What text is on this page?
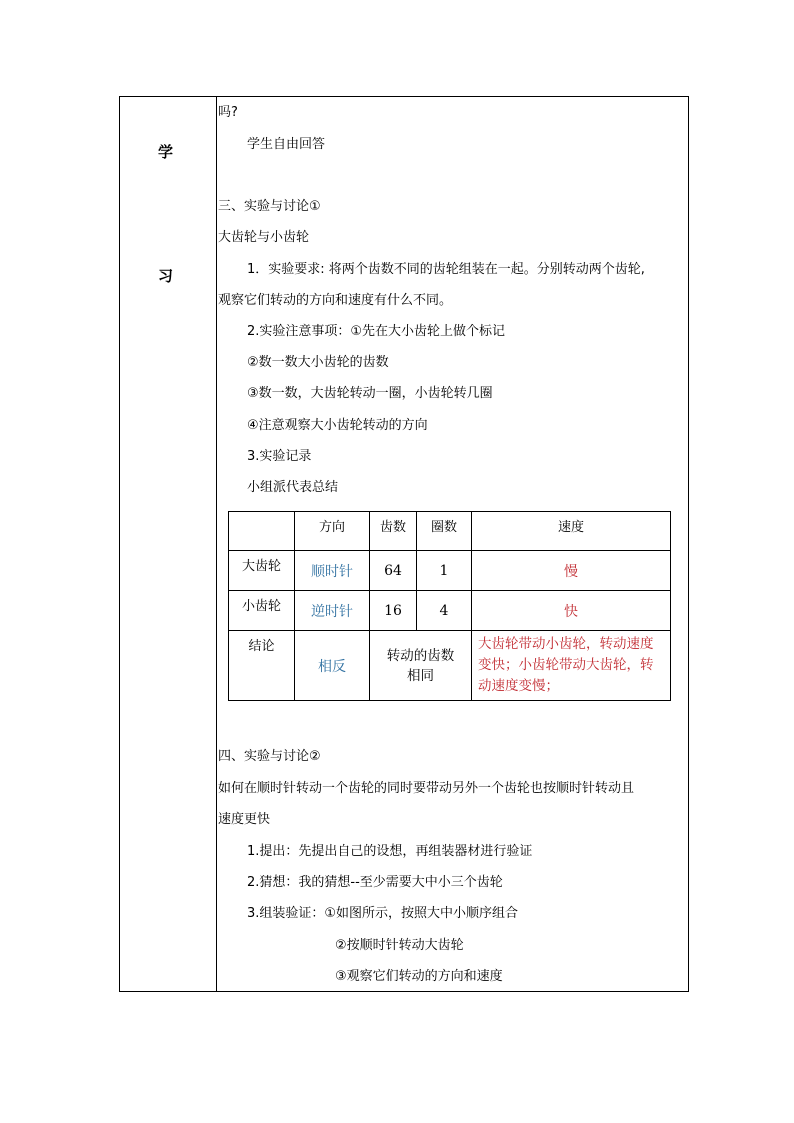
学
习
吗?
学生自由回答
三、实验与讨论①
大齿轮与小齿轮
1．实验要求: 将两个齿数不同的齿轮组装在一起。分别转动两个齿轮,
观察它们转动的方向和速度有什么不同。
2.实验注意事项：①先在大小齿轮上做个标记
②数一数大小齿轮的齿数
③数一数，大齿轮转动一圈，小齿轮转几圈
④注意观察大小齿轮转动的方向
3.实验记录
小组派代表总结
	方向	齿数	圈数	速度
大齿轮	顺时针	64	1	慢
小齿轮	逆时针	16	4	快
结论	相反	转动的齿数相同		大齿轮带动小齿轮，转动速度变快；小齿轮带动大齿轮，转动速度变慢；
四、实验与讨论②
如何在顺时针转动一个齿轮的同时要带动另外一个齿轮也按顺时针转动且
速度更快
1.提出：先提出自己的设想，再组装器材进行验证
2.猜想：我的猜想--至少需要大中小三个齿轮
3.组装验证：①如图所示，按照大中小顺序组合
②按顺时针转动大齿轮
③观察它们转动的方向和速度
